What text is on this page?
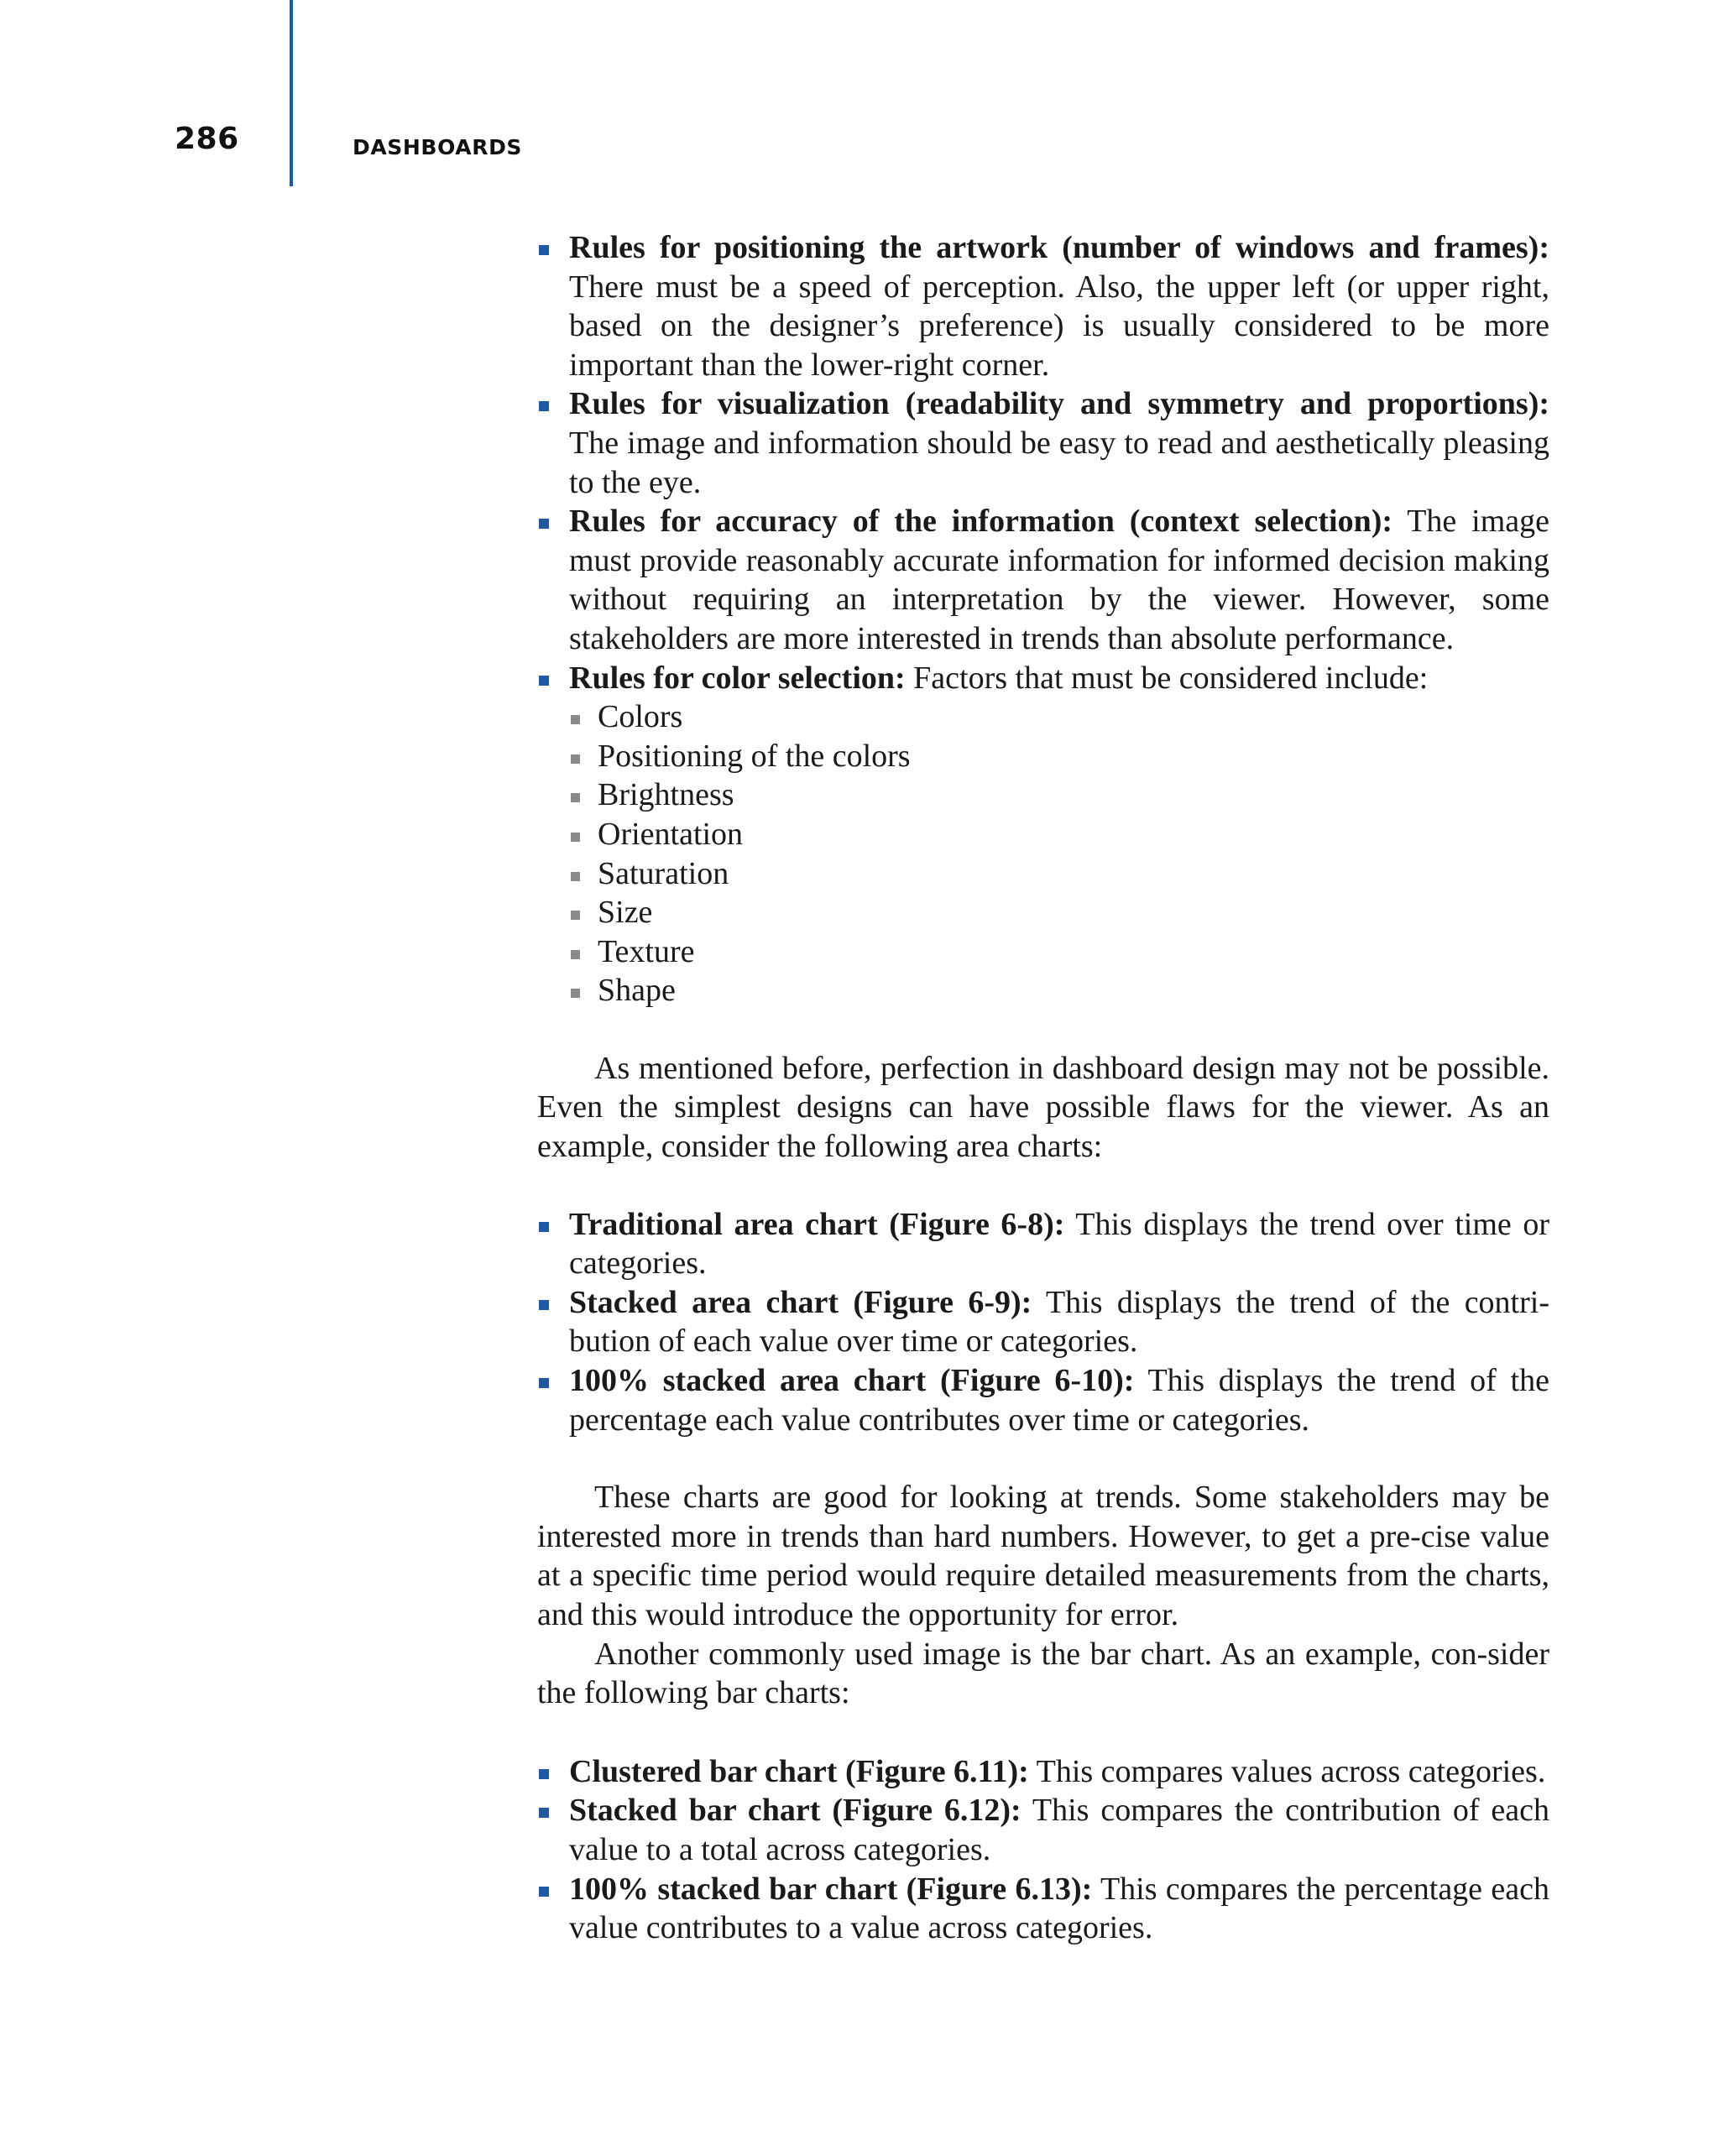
286	DASHBOARDS
Rules for positioning the artwork (number of windows and frames): There must be a speed of perception. Also, the upper left (or upper right, based on the designer’s preference) is usually considered to be more important than the lower-right corner.
Rules for visualization (readability and symmetry and proportions): The image and information should be easy to read and aesthetically pleasing to the eye.
Rules for accuracy of the information (context selection): The image must provide reasonably accurate information for informed decision making without requiring an interpretation by the viewer. However, some stakeholders are more interested in trends than absolute performance.
Rules for color selection: Factors that must be considered include:
Colors
Positioning of the colors
Brightness
Orientation
Saturation
Size
Texture
Shape

As mentioned before, perfection in dashboard design may not be possible. Even the simplest designs can have possible flaws for the viewer. As an example, consider the following area charts:

Traditional area chart (Figure 6-8): This displays the trend over time or categories.
Stacked area chart (Figure 6-9): This displays the trend of the contri-bution of each value over time or categories.
100% stacked area chart (Figure 6-10): This displays the trend of the percentage each value contributes over time or categories.

These charts are good for looking at trends. Some stakeholders may be interested more in trends than hard numbers. However, to get a pre-cise value at a specific time period would require detailed measurements from the charts, and this would introduce the opportunity for error.

Another commonly used image is the bar chart. As an example, con-sider the following bar charts:

Clustered bar chart (Figure 6.11): This compares values across categories.
Stacked bar chart (Figure 6.12): This compares the contribution of each value to a total across categories.
100% stacked bar chart (Figure 6.13): This compares the percentage each value contributes to a value across categories.
